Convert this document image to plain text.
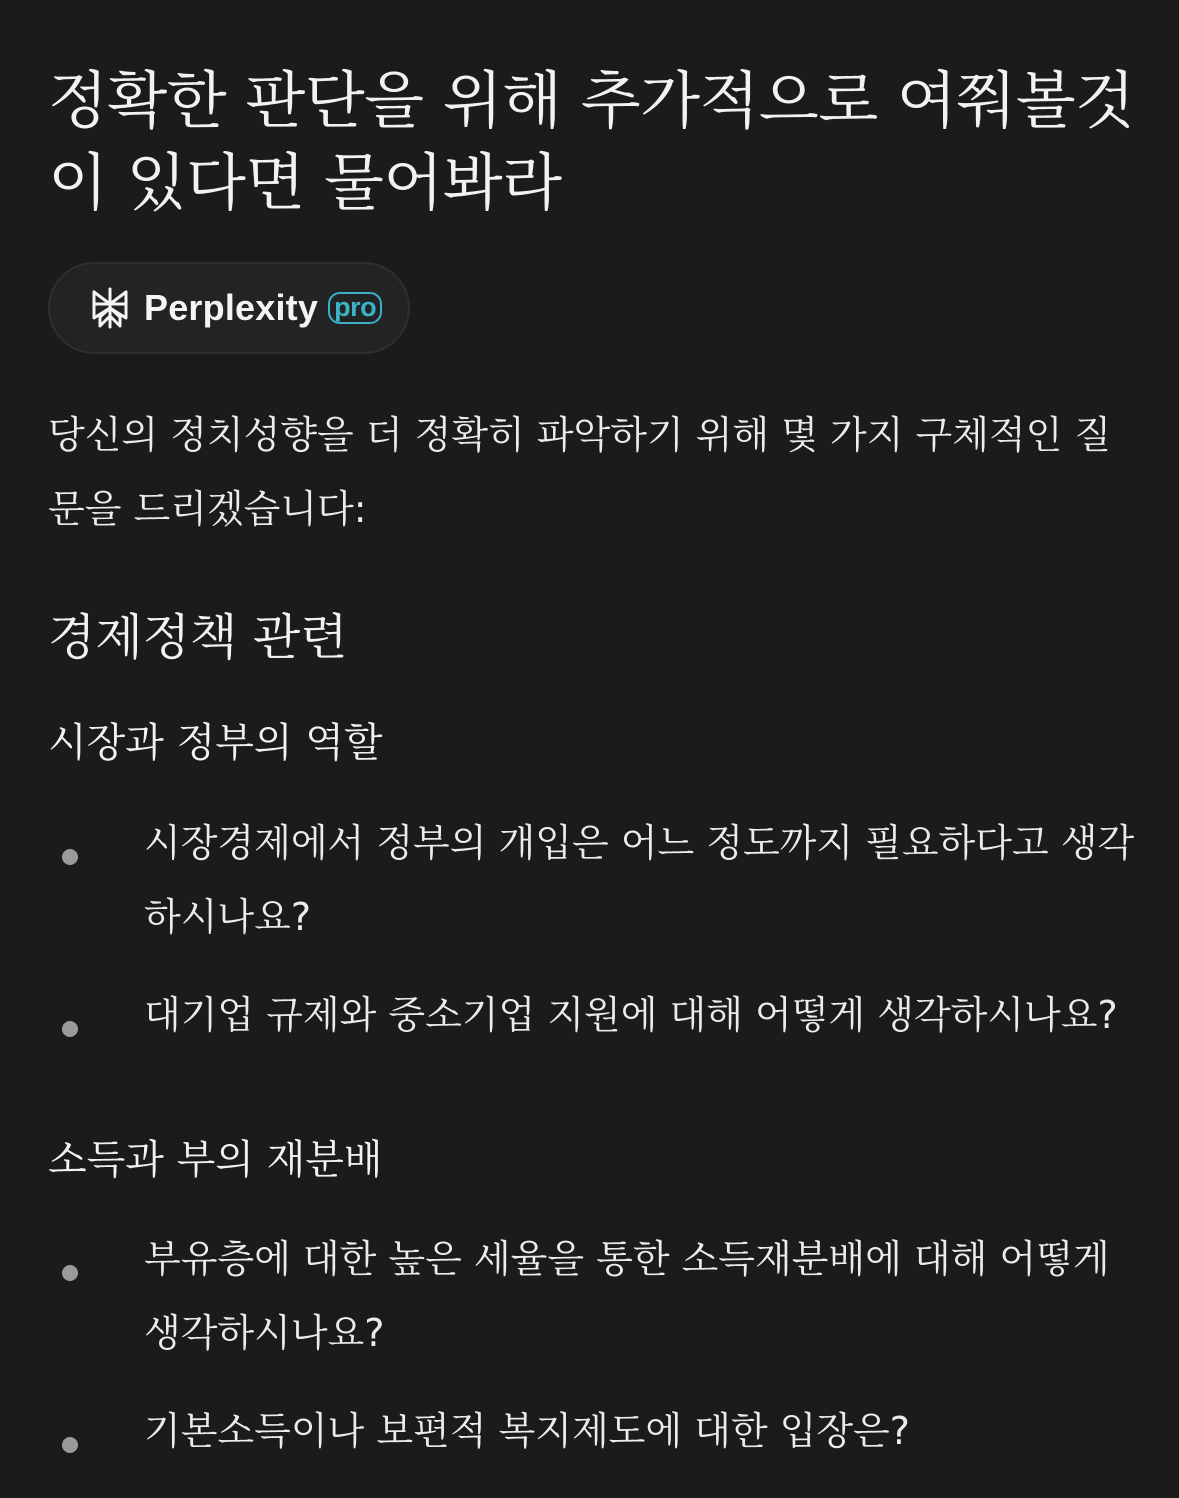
정확한 판단을 위해 추가적으로 여쭤볼것이 있다면 물어봐라
Perplexity pro

당신의 정치성향을 더 정확히 파악하기 위해 몇 가지 구체적인 질문을 드리겠습니다:

경제정책 관련
시장과 정부의 역할
시장경제에서 정부의 개입은 어느 정도까지 필요하다고 생각하시나요?
대기업 규제와 중소기업 지원에 대해 어떻게 생각하시나요?
소득과 부의 재분배
부유층에 대한 높은 세율을 통한 소득재분배에 대해 어떻게 생각하시나요?
기본소득이나 보편적 복지제도에 대한 입장은?
